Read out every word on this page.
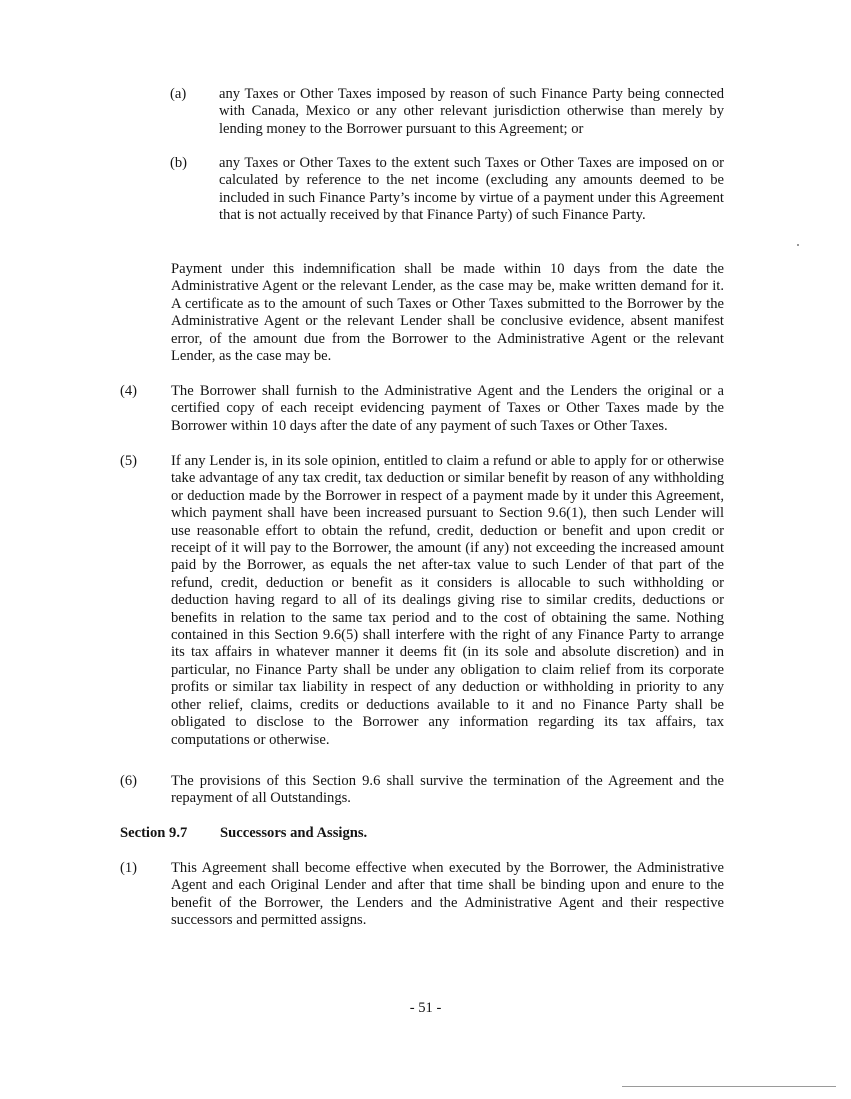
(a) any Taxes or Other Taxes imposed by reason of such Finance Party being connected with Canada, Mexico or any other relevant jurisdiction otherwise than merely by lending money to the Borrower pursuant to this Agreement; or
(b) any Taxes or Other Taxes to the extent such Taxes or Other Taxes are imposed on or calculated by reference to the net income (excluding any amounts deemed to be included in such Finance Party’s income by virtue of a payment under this Agreement that is not actually received by that Finance Party) of such Finance Party.
Payment under this indemnification shall be made within 10 days from the date the Administrative Agent or the relevant Lender, as the case may be, make written demand for it. A certificate as to the amount of such Taxes or Other Taxes submitted to the Borrower by the Administrative Agent or the relevant Lender shall be conclusive evidence, absent manifest error, of the amount due from the Borrower to the Administrative Agent or the relevant Lender, as the case may be.
(4) The Borrower shall furnish to the Administrative Agent and the Lenders the original or a certified copy of each receipt evidencing payment of Taxes or Other Taxes made by the Borrower within 10 days after the date of any payment of such Taxes or Other Taxes.
(5) If any Lender is, in its sole opinion, entitled to claim a refund or able to apply for or otherwise take advantage of any tax credit, tax deduction or similar benefit by reason of any withholding or deduction made by the Borrower in respect of a payment made by it under this Agreement, which payment shall have been increased pursuant to Section 9.6(1), then such Lender will use reasonable effort to obtain the refund, credit, deduction or benefit and upon credit or receipt of it will pay to the Borrower, the amount (if any) not exceeding the increased amount paid by the Borrower, as equals the net after-tax value to such Lender of that part of the refund, credit, deduction or benefit as it considers is allocable to such withholding or deduction having regard to all of its dealings giving rise to similar credits, deductions or benefits in relation to the same tax period and to the cost of obtaining the same. Nothing contained in this Section 9.6(5) shall interfere with the right of any Finance Party to arrange its tax affairs in whatever manner it deems fit (in its sole and absolute discretion) and in particular, no Finance Party shall be under any obligation to claim relief from its corporate profits or similar tax liability in respect of any deduction or withholding in priority to any other relief, claims, credits or deductions available to it and no Finance Party shall be obligated to disclose to the Borrower any information regarding its tax affairs, tax computations or otherwise.
(6) The provisions of this Section 9.6 shall survive the termination of the Agreement and the repayment of all Outstandings.
Section 9.7 Successors and Assigns.
(1) This Agreement shall become effective when executed by the Borrower, the Administrative Agent and each Original Lender and after that time shall be binding upon and enure to the benefit of the Borrower, the Lenders and the Administrative Agent and their respective successors and permitted assigns.
- 51 -
